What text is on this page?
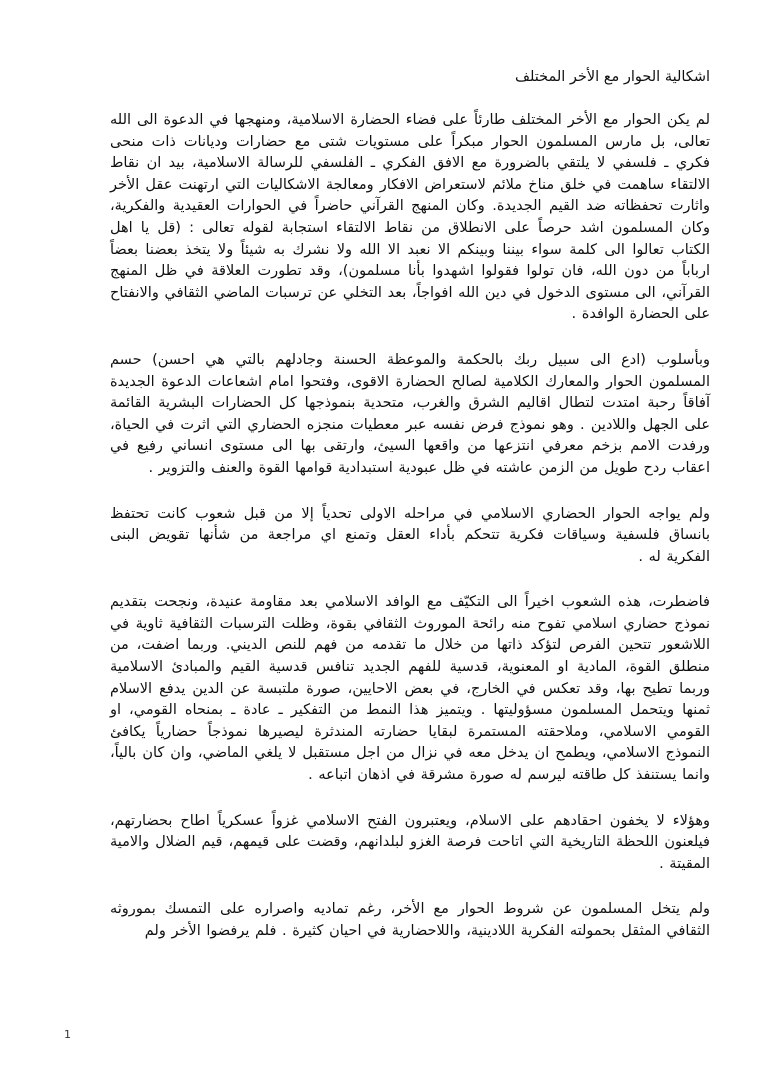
اشكالية الحوار مع الأخر المختلف

لم يكن الحوار مع الأخر المختلف طارئاً على فضاء الحضارة الاسلامية، ومنهجها في الدعوة الى الله تعالى، بل مارس المسلمون الحوار مبكراً على مستويات شتى مع حضارات وديانات ذات منحى فكري ـ فلسفي لا يلتقي بالضرورة مع الافق الفكري ـ الفلسفي للرسالة الاسلامية، بيد ان نقاط الالتقاء ساهمت في خلق مناخ ملائم لاستعراض الافكار ومعالجة الاشكاليات التي ارتهنت عقل الأخر واثارت تحفظاته ضد القيم الجديدة. وكان المنهج القرآني حاضراً في الحوارات العقيدية والفكرية، وكان المسلمون اشد حرصاً على الانطلاق من نقاط الالتقاء استجابة لقوله تعالى : (قل يا اهل الكتاب تعالوا الى كلمة سواء بيننا وبينكم الا نعبد الا الله ولا نشرك به شيئاً ولا يتخذ بعضنا بعضاً ارباباً من دون الله، فان تولوا فقولوا اشهدوا بأنا مسلمون)، وقد تطورت العلاقة في ظل المنهج القرآني، الى مستوى الدخول في دين الله افواجاً، بعد التخلي عن ترسبات الماضي الثقافي والانفتاح على الحضارة الوافدة .

وبأسلوب (ادع الى سبيل ربك بالحكمة والموعظة الحسنة وجادلهم بالتي هي احسن) حسم المسلمون الحوار والمعارك الكلامية لصالح الحضارة الاقوى، وفتحوا امام اشعاعات الدعوة الجديدة آفاقاً رحبة امتدت لتطال اقاليم الشرق والغرب، متحدية بنموذجها كل الحضارات البشرية القائمة على الجهل واللادين . وهو نموذج فرض نفسه عبر معطيات منجزه الحضاري التي اثرت في الحياة، ورفدت الامم بزخم معرفي انتزعها من واقعها السيئ، وارتقى بها الى مستوى انساني رفيع في اعقاب ردح طويل من الزمن عاشته في ظل عبودية استبدادية قوامها القوة والعنف والتزوير .

ولم يواجه الحوار الحضاري الاسلامي في مراحله الاولى تحدياً إلا من قبل شعوب كانت تحتفظ بانساق فلسفية وسياقات فكرية تتحكم بأداء العقل وتمنع اي مراجعة من شأنها تقويض البنى الفكرية له .

فاضطرت، هذه الشعوب اخيراً الى التكيّف مع الوافد الاسلامي بعد مقاومة عنيدة، ونجحت بتقديم نموذج حضاري اسلامي تفوح منه رائحة الموروث الثقافي بقوة، وظلت الترسبات الثقافية ثاوية في اللاشعور تتحين الفرص لتؤكد ذاتها من خلال ما تقدمه من فهم للنص الديني. وربما اضفت، من منطلق القوة، المادية او المعنوية، قدسية للفهم الجديد تنافس قدسية القيم والمبادئ الاسلامية وربما تطيح بها، وقد تعكس في الخارج، في بعض الاحايين، صورة ملتبسة عن الدين يدفع الاسلام ثمنها ويتحمل المسلمون مسؤوليتها . ويتميز هذا النمط من التفكير ـ عادة ـ بمنحاه القومي، او القومي الاسلامي، وملاحقته المستمرة لبقايا حضارته المندثرة ليصيرها نموذجاً حضارياً يكافئ النموذج الاسلامي، ويطمح ان يدخل معه في نزال من اجل مستقبل لا يلغي الماضي، وان كان بالياً، وانما يستنفذ كل طاقته ليرسم له صورة مشرقة في اذهان اتباعه .

وهؤلاء لا يخفون احقادهم على الاسلام، ويعتبرون الفتح الاسلامي غزواً عسكرياً اطاح بحضارتهم، فيلعنون اللحظة التاريخية التي اتاحت فرصة الغزو لبلدانهم، وقضت على قيمهم، قيم الضلال والامية المقيتة .

ولم يتخل المسلمون عن شروط الحوار مع الأخر، رغم تماديه واصراره على التمسك بموروثه الثقافي المثقل بحمولته الفكرية اللادينية، واللاحضارية في احيان كثيرة . فلم يرفضوا الأخر ولم

1
